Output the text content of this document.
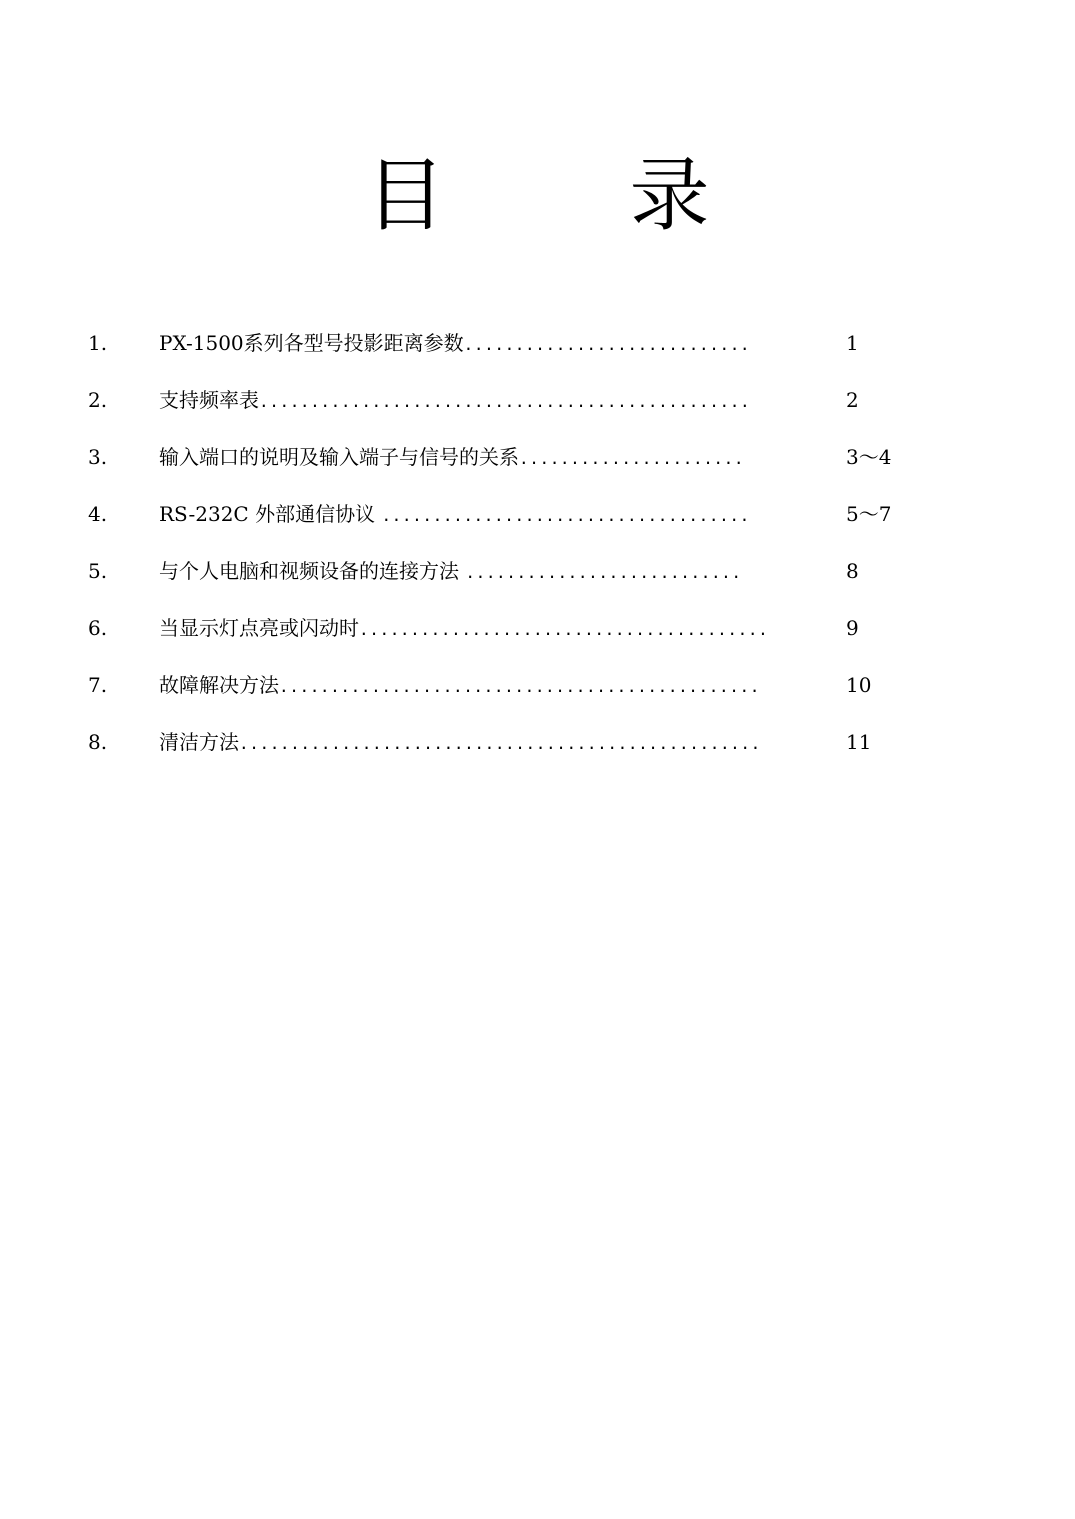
目　录
1.	PX-1500系列各型号投影距离参数............................	1
2.	支持频率表................................................	2
3.	输入端口的说明及输入端子与信号的关系......................	3～4
4.	RS-232C 外部通信协议 ....................................	5～7
5.	与个人电脑和视频设备的连接方法 ...........................	8
6.	当显示灯点亮或闪动时........................................	9
7.	故障解决方法...............................................	10
8.	清洁方法...................................................	11
